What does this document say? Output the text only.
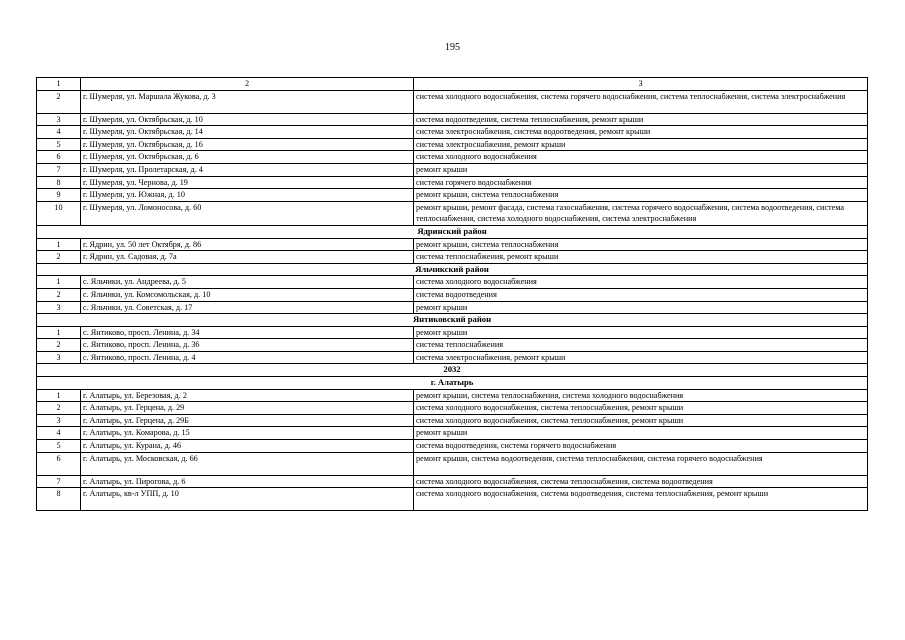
195
1	2	3
2	г. Шумерля, ул. Маршала Жукова, д. 3	система холодного водоснабжения, система горячего водоснабжения, система теплоснабжения, система электроснабжения
3	г. Шумерля, ул. Октябрьская, д. 10	система водоотведения, система теплоснабжения, ремонт крыши
4	г. Шумерля, ул. Октябрьская, д. 14	система электроснабжения, система водоотведения, ремонт крыши
5	г. Шумерля, ул. Октябрьская, д. 16	система электроснабжения, ремонт крыши
6	г. Шумерля, ул. Октябрьская, д. 6	система холодного водоснабжения
7	г. Шумерля, ул. Пролетарская, д. 4	ремонт крыши
8	г. Шумерля, ул. Чернова, д. 19	система горячего водоснабжения
9	г. Шумерля, ул. Южная, д. 10	ремонт крыши, система теплоснабжения
10	г. Шумерля, ул. Ломоносова, д. 60	ремонт крыши, ремонт фасада, система газоснабжения, система горячего водоснабжения, система водоотведения, система теплоснабжения, система холодного водоснабжения, система электроснабжения
Ядринский район		
1	г. Ядрин, ул. 50 лет Октября, д. 86	ремонт крыши, система теплоснабжения
2	г. Ядрин, ул. Садовая, д. 7а	система теплоснабжения, ремонт крыши
Яльчикский район		
1	с. Яльчики, ул. Андреева, д. 5	система холодного водоснабжения
2	с. Яльчики, ул. Комсомольская, д. 10	система водоотведения
3	с. Яльчики, ул. Советская, д. 17	ремонт крыши
Янтиковский район		
1	с. Янтиково, просп. Ленина, д. 34	ремонт крыши
2	с. Янтиково, просп. Ленина, д. 36	система теплоснабжения
3	с. Янтиково, просп. Ленина, д. 4	система электроснабжения, ремонт крыши
2032		
г. Алатырь		
1	г. Алатырь, ул. Березовая, д. 2	ремонт крыши, система теплоснабжения, система холодного водоснабжения
2	г. Алатырь, ул. Герцена, д. 29	система холодного водоснабжения, система теплоснабжения, ремонт крыши
3	г. Алатырь, ул. Герцена, д. 29Б	система холодного водоснабжения, система теплоснабжения, ремонт крыши
4	г. Алатырь, ул. Комарова, д. 15	ремонт крыши
5	г. Алатырь, ул. Курана, д. 46	система водоотведения, система горячего водоснабжения
6	г. Алатырь, ул. Московская, д. 66	ремонт крыши, система водоотведения, система теплоснабжения, система горячего водоснабжения
7	г. Алатырь, ул. Пирогова, д. 6	система холодного водоснабжения, система теплоснабжения, система водоотведения
8	г. Алатырь, кв-л УПП, д. 10	система холодного водоснабжения, система водоотведения, система теплоснабжения, ремонт крыши
